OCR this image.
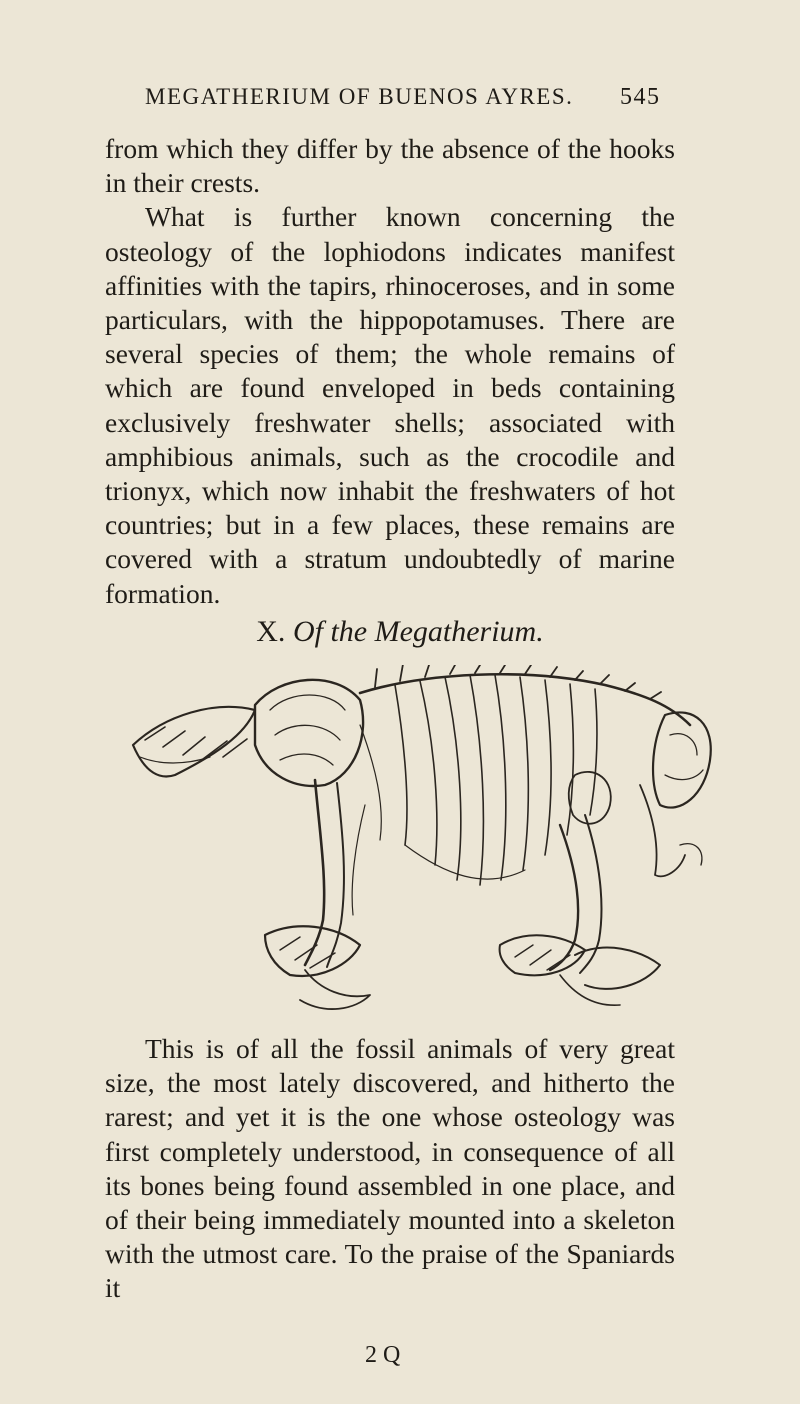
MEGATHERIUM OF BUENOS AYRES. 545

from which they differ by the absence of the hooks in their crests.

What is further known concerning the osteology of the lophiodons indicates manifest affinities with the tapirs, rhinoceroses, and in some particulars, with the hippopotamuses. There are several species of them; the whole remains of which are found enveloped in beds containing exclusively freshwater shells; associated with amphibious animals, such as the crocodile and trionyx, which now inhabit the freshwaters of hot countries; but in a few places, these remains are covered with a stratum undoubtedly of marine formation.

X. Of the Megatherium.

This is of all the fossil animals of very great size, the most lately discovered, and hitherto the rarest; and yet it is the one whose osteology was first completely understood, in consequence of all its bones being found assembled in one place, and of their being immediately mounted into a skeleton with the utmost care. To the praise of the Spaniards it

2 Q
